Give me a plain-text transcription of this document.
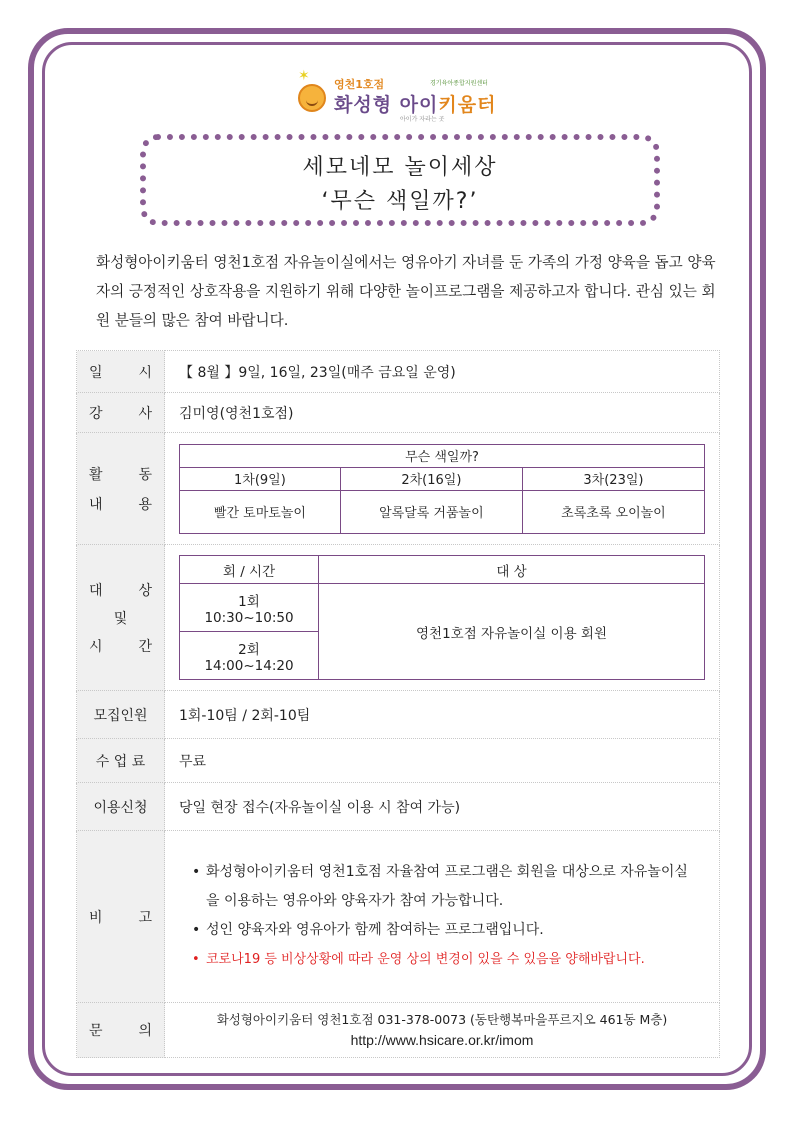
✶
영천1호점	경기육아종합지원센터
화성형 아이키움터
아이가 자라는 곳
세모네모 놀이세상
‘무슨 색일까?’
화성형아이키움터 영천1호점 자유놀이실에서는 영유아기 자녀를 둔 가족의 가정 양육을 돕고 양육자의 긍정적인 상호작용을 지원하기 위해 다양한 놀이프로그램을 제공하고자 합니다. 관심 있는 회원 분들의 많은 참여 바랍니다.
일 시	【 8월 】9일, 16일, 23일(매주 금요일 운영)
강 사	김미영(영천1호점)

활 동
내 용

무슨 색일까?
1차(9일)	2차(16일)	3차(23일)
빨간 토마토놀이	알록달록 거품놀이	초록초록 오이놀이

대 상
및
시 간

회 / 시간	대 상

1회
10:30~10:50
	영천1호점 자유놀이실 이용 회원

2회
14:00~14:20

모집인원	1회-10팀 / 2회-10팀
수 업 료	무료
이용신청	당일 현장 접수(자유놀이실 이용 시 참여 가능)
비 고	
• 화성형아이키움터 영천1호점 자율참여 프로그램은 회원을 대상으로 자유놀이실을 이용하는 영유아와 양육자가 참여 가능합니다.
• 성인 양육자와 영유아가 함께 참여하는 프로그램입니다.
• 코로나19 등 비상상황에 따라 운영 상의 변경이 있을 수 있음을 양해바랍니다.

문 의	
화성형아이키움터 영천1호점 031-378-0073 (동탄행복마을푸르지오 461동 M층)
http://www.hsicare.or.kr/imom
